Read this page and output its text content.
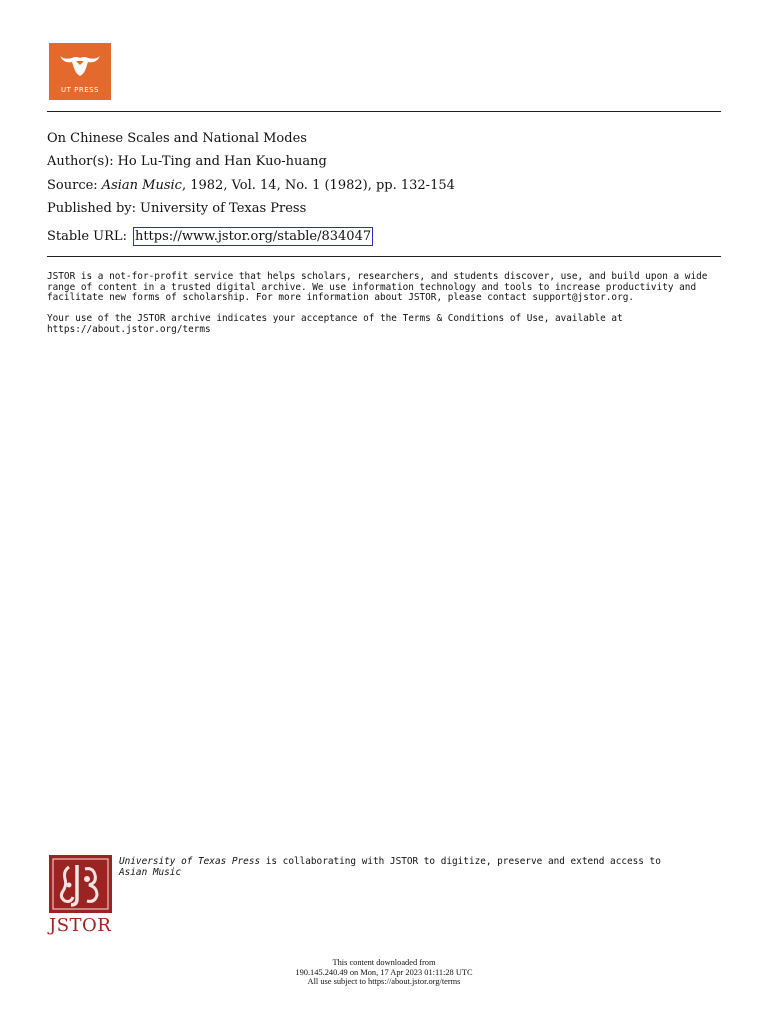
UT PRESS
On Chinese Scales and National Modes
Author(s): Ho Lu-Ting and Han Kuo-huang
Source: Asian Music, 1982, Vol. 14, No. 1 (1982), pp. 132-154
Published by: University of Texas Press
Stable URL: https://www.jstor.org/stable/834047
JSTOR is a not-for-profit service that helps scholars, researchers, and students discover, use, and build upon a wide
range of content in a trusted digital archive. We use information technology and tools to increase productivity and
facilitate new forms of scholarship. For more information about JSTOR, please contact support@jstor.org.
Your use of the JSTOR archive indicates your acceptance of the Terms & Conditions of Use, available at
https://about.jstor.org/terms
JSTOR
University of Texas Press is collaborating with JSTOR to digitize, preserve and extend access to
Asian Music
This content downloaded from
190.145.240.49 on Mon, 17 Apr 2023 01:11:28 UTC
All use subject to https://about.jstor.org/terms
